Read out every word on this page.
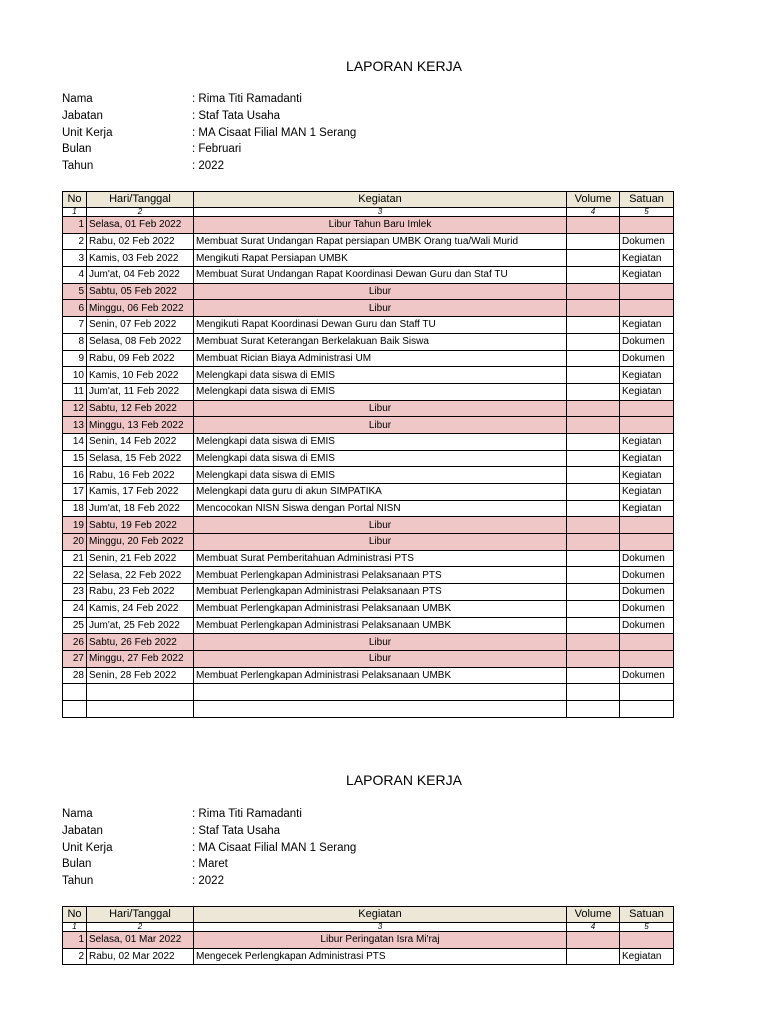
LAPORAN KERJA
Nama	: Rima Titi Ramadanti
Jabatan	: Staf Tata Usaha
Unit Kerja	: MA Cisaat Filial MAN 1 Serang
Bulan	: Februari
Tahun	: 2022
No	Hari/Tanggal	Kegiatan	Volume	Satuan
1	2	3	4	5
1	Selasa, 01 Feb 2022	Libur Tahun Baru Imlek		
2	Rabu, 02 Feb 2022	Membuat Surat Undangan Rapat persiapan UMBK Orang tua/Wali Murid		Dokumen
3	Kamis, 03 Feb 2022	Mengikuti Rapat Persiapan UMBK		Kegiatan
4	Jum'at, 04 Feb 2022	Membuat Surat Undangan Rapat Koordinasi Dewan Guru dan Staf TU		Kegiatan
5	Sabtu, 05 Feb 2022	Libur		
6	Minggu, 06 Feb 2022	Libur		
7	Senin, 07 Feb 2022	Mengikuti Rapat Koordinasi Dewan Guru dan Staff TU		Kegiatan
8	Selasa, 08 Feb 2022	Membuat Surat Keterangan Berkelakuan Baik Siswa		Dokumen
9	Rabu, 09 Feb 2022	Membuat Rician Biaya Administrasi UM		Dokumen
10	Kamis, 10 Feb 2022	Melengkapi data siswa di EMIS		Kegiatan
11	Jum'at, 11 Feb 2022	Melengkapi data siswa di EMIS		Kegiatan
12	Sabtu, 12 Feb 2022	Libur		
13	Minggu, 13 Feb 2022	Libur		
14	Senin, 14 Feb 2022	Melengkapi data siswa di EMIS		Kegiatan
15	Selasa, 15 Feb 2022	Melengkapi data siswa di EMIS		Kegiatan
16	Rabu, 16 Feb 2022	Melengkapi data siswa di EMIS		Kegiatan
17	Kamis, 17 Feb 2022	Melengkapi data guru di akun SIMPATIKA		Kegiatan
18	Jum'at, 18 Feb 2022	Mencocokan NISN Siswa dengan Portal NISN		Kegiatan
19	Sabtu, 19 Feb 2022	Libur		
20	Minggu, 20 Feb 2022	Libur		
21	Senin, 21 Feb 2022	Membuat Surat Pemberitahuan Administrasi PTS		Dokumen
22	Selasa, 22 Feb 2022	Membuat Perlengkapan Administrasi Pelaksanaan PTS		Dokumen
23	Rabu, 23 Feb 2022	Membuat Perlengkapan Administrasi Pelaksanaan PTS		Dokumen
24	Kamis, 24 Feb 2022	Membuat Perlengkapan Administrasi Pelaksanaan UMBK		Dokumen
25	Jum'at, 25 Feb 2022	Membuat Perlengkapan Administrasi Pelaksanaan UMBK		Dokumen
26	Sabtu, 26 Feb 2022	Libur		
27	Minggu, 27 Feb 2022	Libur		
28	Senin, 28 Feb 2022	Membuat Perlengkapan Administrasi Pelaksanaan UMBK		Dokumen

LAPORAN KERJA
Nama	: Rima Titi Ramadanti
Jabatan	: Staf Tata Usaha
Unit Kerja	: MA Cisaat Filial MAN 1 Serang
Bulan	: Maret
Tahun	: 2022
No	Hari/Tanggal	Kegiatan	Volume	Satuan
1	2	3	4	5
1	Selasa, 01 Mar 2022	Libur Peringatan Isra Mi'raj		
2	Rabu, 02 Mar 2022	Mengecek Perlengkapan Administrasi PTS		Kegiatan
